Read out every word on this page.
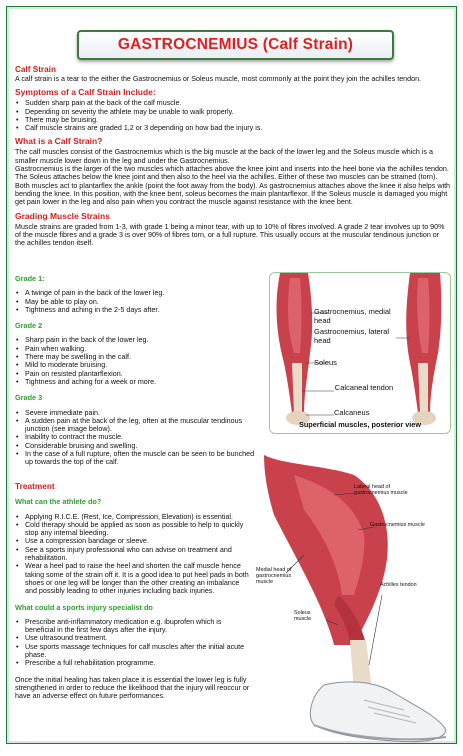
GASTROCNEMIUS (Calf Strain)
Calf Strain

A calf strain is a tear to the either the Gastrocnemius or Soleus muscle, most commonly at the point they join the achilles tendon.

Symptoms of a Calf Strain Include:
• Sudden sharp pain at the back of the calf muscle.
• Depending on severity the athlete may be unable to walk properly.
• There may be bruising.
• Calf muscle strains are graded 1,2 or 3 depending on how bad the injury is.
What is a Calf Strain?

The calf muscles consist of the Gastrocnemius which is the big muscle at the back of the lower leg and the Soleus muscle which is a smaller muscle lower down in the leg and under the Gastrocnemius.

Gastrocnemius is the larger of the two muscles which attaches above the knee joint and inserts into the heel bone via the achilles tendon. The Soleus attaches below the knee joint and then also to the heel via the achilles. Either of these two muscles can be strained (torn).

Both muscles act to plantarflex the ankle (point the foot away from the body). As gastrocnemius attaches above the knee it also helps with bending the knee. In this position, with the knee bent, soleus becomes the main plantarflexor. If the Soleus muscle is damaged you might get pain lower in the leg and also pain when you contract the muscle against resistance with the knee bent.

Grading Muscle Strains

Muscle strains are graded from 1-3, with grade 1 being a minor tear, with up to 10% of fibres involved. A grade 2 tear involves up to 90% of the muscle fibres and a grade 3 is over 90% of fibres torn, or a full rupture. This usually occurs at the muscular tendinous junction or the achilles tendon itself.

Grade 1:
• A twinge of pain in the back of the lower leg.
• May be able to play on.
• Tightness and aching in the 2-5 days after.
Grade 2
• Sharp pain in the back of the lower leg.
• Pain when walking.
• There may be swelling in the calf.
• Mild to moderate bruising.
• Pain on resisted plantarflexion.
• Tightness and aching for a week or more.
Grade 3
• Severe immediate pain.
• A sudden pain at the back of the leg, often at the muscular tendinous junction (see image below).
• Inability to contract the muscle.
• Considerable bruising and swelling.
• In the case of a full rupture, often the muscle can be seen to be bunched up towards the top of the calf.
Treatment
What can the athlete do?
• Applying R.I.C.E. (Rest, Ice, Compression, Elevation) is essential.
• Cold therapy should be applied as soon as possible to help to quickly stop any internal bleeding.
• Use a compression bandage or sleeve.
• See a sports injury professional who can advise on treatment and rehabilitation.
• Wear a heel pad to raise the heel and shorten the calf muscle hence taking some of the strain off it. It is a good idea to put heel pads in both shoes or one leg will be longer than the other creating an imbalance and possibly leading to other injuries including back injuries.
What could a sports injury specialist do
• Prescribe anti-inflammatory medication e.g. ibuprofen which is beneficial in the first few days after the injury.
• Use ultrasound treatment.
• Use sports massage techniques for calf muscles after the initial acute phase.
• Prescribe a full rehabilitation programme.

Once the initial healing has taken place it is essential the lower leg is fully strengthened in order to reduce the likelihood that the injury will reoccur or have an adverse effect on future performances.

Gastrocnemius, medial head
Gastrocnemius, lateral head
Soleus
Calcaneal tendon
Calcaneus
Superficial muscles, posterior view
Lateral head of gastrocnemius muscle
Gastrocnemius muscle
Medial head of gastrocnemius muscle	Achilles tendon
Soleus muscle
